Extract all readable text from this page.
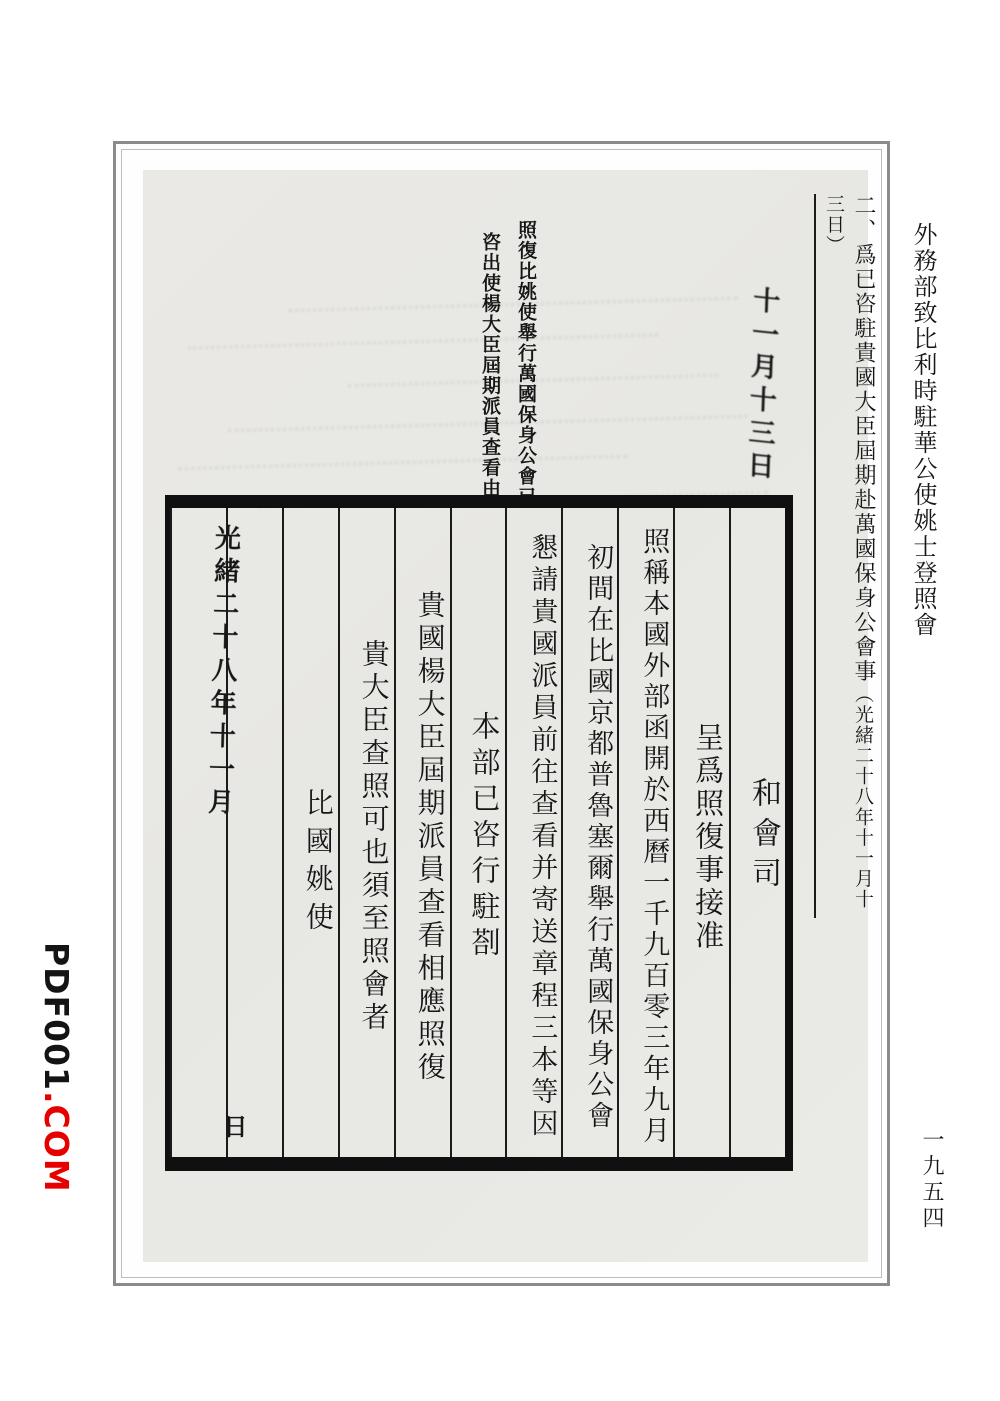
PDF001.COM
外務部致比利時駐華公使姚士登照會
一九五四
二、爲已咨駐貴國大臣屆期赴萬國保身公會事（光緒二十八年十一月十三日）
照復比姚使舉行萬國保身公會已
咨出使楊大臣屆期派員查看由	十一月十三日
和會司
呈爲照復事接准
照稱本國外部函開於西曆一千九百零三年九月
初間在比國京都普魯塞爾舉行萬國保身公會
懇請貴國派員前往查看并寄送章程三本等因
本部已咨行駐剳
貴國楊大臣屆期派員查看相應照復
貴大臣查照可也須至照會者
比國姚使
光緒二十八年十一月
日
